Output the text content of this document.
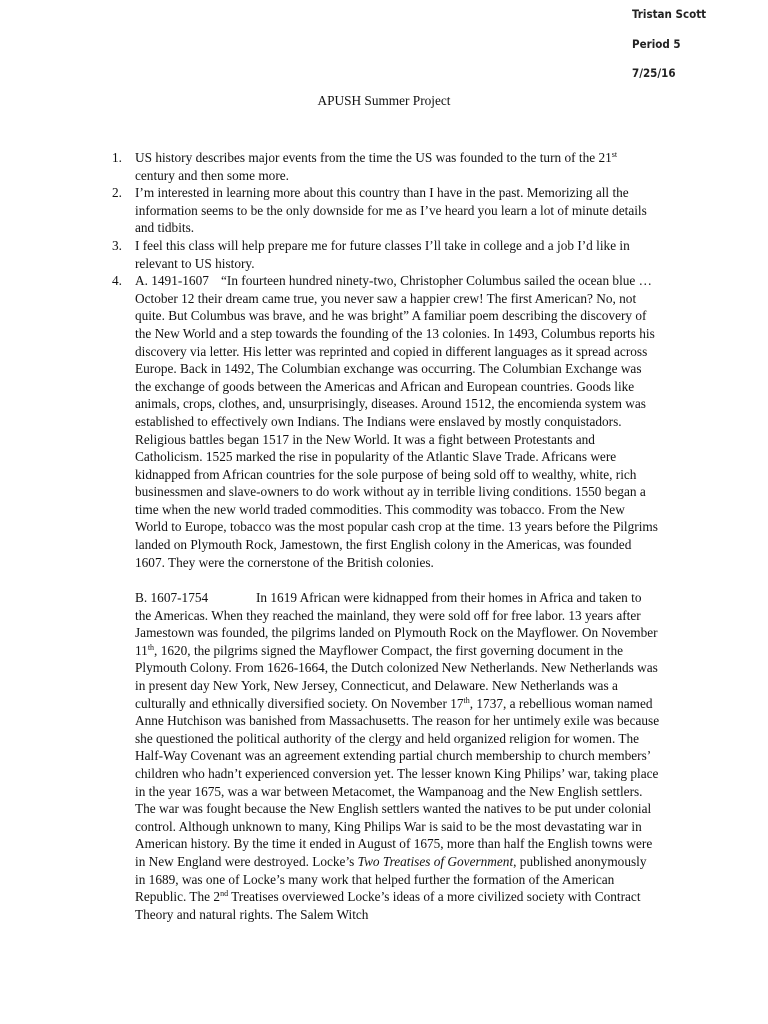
Tristan Scott
Period 5
7/25/16
APUSH Summer Project
1. US history describes major events from the time the US was founded to the turn of the 21st century and then some more.
2. I’m interested in learning more about this country than I have in the past. Memorizing all the information seems to be the only downside for me as I’ve heard you learn a lot of minute details and tidbits.
3. I feel this class will help prepare me for future classes I’ll take in college and a job I’d like in relevant to US history.
4. A. 1491-1607 “In fourteen hundred ninety-two, Christopher Columbus sailed the ocean blue … October 12 their dream came true, you never saw a happier crew! The first American? No, not quite. But Columbus was brave, and he was bright” A familiar poem describing the discovery of the New World and a step towards the founding of the 13 colonies. In 1493, Columbus reports his discovery via letter. His letter was reprinted and copied in different languages as it spread across Europe. Back in 1492, The Columbian exchange was occurring. The Columbian Exchange was the exchange of goods between the Americas and African and European countries. Goods like animals, crops, clothes, and, unsurprisingly, diseases. Around 1512, the encomienda system was established to effectively own Indians. The Indians were enslaved by mostly conquistadors. Religious battles began 1517 in the New World. It was a fight between Protestants and Catholicism. 1525 marked the rise in popularity of the Atlantic Slave Trade. Africans were kidnapped from African countries for the sole purpose of being sold off to wealthy, white, rich businessmen and slave-owners to do work without ay in terrible living conditions. 1550 began a time when the new world traded commodities. This commodity was tobacco. From the New World to Europe, tobacco was the most popular cash crop at the time. 13 years before the Pilgrims landed on Plymouth Rock, Jamestown, the first English colony in the Americas, was founded 1607. They were the cornerstone of the British colonies.

B. 1607-1754	In 1619 African were kidnapped from their homes in Africa and taken to the Americas. When they reached the mainland, they were sold off for free labor. 13 years after Jamestown was founded, the pilgrims landed on Plymouth Rock on the Mayflower. On November 11th, 1620, the pilgrims signed the Mayflower Compact, the first governing document in the Plymouth Colony. From 1626-1664, the Dutch colonized New Netherlands. New Netherlands was in present day New York, New Jersey, Connecticut, and Delaware. New Netherlands was a culturally and ethnically diversified society. On November 17th, 1737, a rebellious woman named Anne Hutchison was banished from Massachusetts. The reason for her untimely exile was because she questioned the political authority of the clergy and held organized religion for women. The Half-Way Covenant was an agreement extending partial church membership to church members’ children who hadn’t experienced conversion yet. The lesser known King Philips’ war, taking place in the year 1675, was a war between Metacomet, the Wampanoag and the New English settlers. The war was fought because the New English settlers wanted the natives to be put under colonial control. Although unknown to many, King Philips War is said to be the most devastating war in American history. By the time it ended in August of 1675, more than half the English towns were in New England were destroyed. Locke’s Two Treatises of Government, published anonymously in 1689, was one of Locke’s many work that helped further the formation of the American Republic. The 2nd Treatises overviewed Locke’s ideas of a more civilized society with Contract Theory and natural rights. The Salem Witch
